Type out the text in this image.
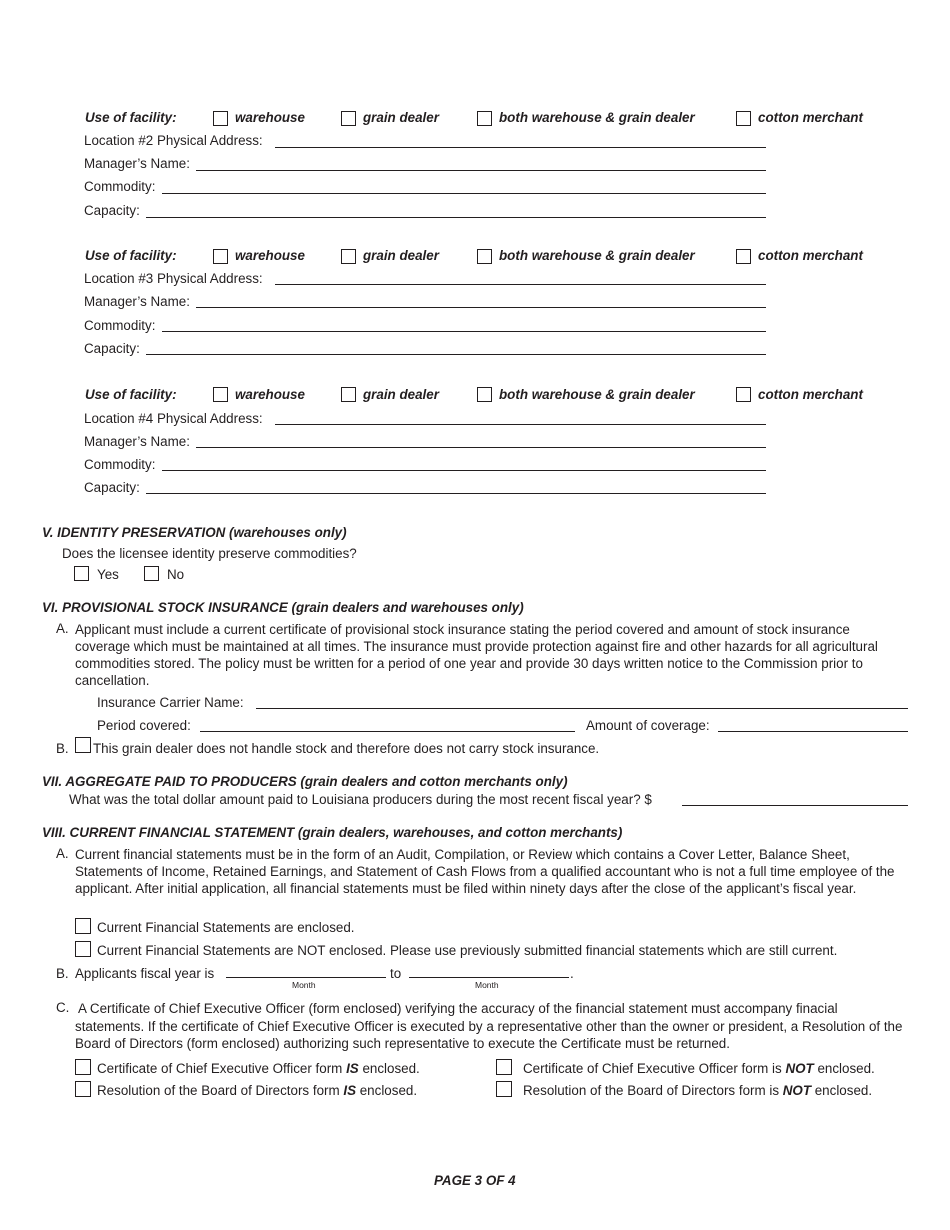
Use of facility:	warehouse	grain dealer	both warehouse & grain dealer	cotton merchant
Location #2 Physical Address:
Manager’s Name:
Commodity:
Capacity:
Use of facility:	warehouse	grain dealer	both warehouse & grain dealer	cotton merchant
Location #3 Physical Address:
Manager’s Name:
Commodity:
Capacity:
Use of facility:	warehouse	grain dealer	both warehouse & grain dealer	cotton merchant
Location #4 Physical Address:
Manager’s Name:
Commodity:
Capacity:
V. IDENTITY PRESERVATION (warehouses only)
Does the licensee identity preserve commodities?
Yes	No
VI. PROVISIONAL STOCK INSURANCE (grain dealers and warehouses only)
A. Applicant must include a current certificate of provisional stock insurance stating the period covered and amount of stock insurance coverage which must be maintained at all times. The insurance must provide protection against fire and other hazards for all agricultural commodities stored. The policy must be written for a period of one year and provide 30 days written notice to the Commission prior to cancellation.
Insurance Carrier Name:
Period covered:	Amount of coverage:
B. This grain dealer does not handle stock and therefore does not carry stock insurance.
VII. AGGREGATE PAID TO PRODUCERS (grain dealers and cotton merchants only)
What was the total dollar amount paid to Louisiana producers during the most recent fiscal year? $
VIII. CURRENT FINANCIAL STATEMENT (grain dealers, warehouses, and cotton merchants)
A. Current financial statements must be in the form of an Audit, Compilation, or Review which contains a Cover Letter, Balance Sheet, Statements of Income, Retained Earnings, and Statement of Cash Flows from a qualified accountant who is not a full time employee of the applicant. After initial application, all financial statements must be filed within ninety days after the close of the applicant’s fiscal year.
Current Financial Statements are enclosed.
Current Financial Statements are NOT enclosed. Please use previously submitted financial statements which are still current.
B. Applicants fiscal year is
Month
to
Month
.
C. A Certificate of Chief Executive Officer (form enclosed) verifying the accuracy of the financial statement must accompany finacial statements. If the certificate of Chief Executive Officer is executed by a representative other than the owner or president, a Resolution of the Board of Directors (form enclosed) authorizing such representative to execute the Certificate must be returned.
Certificate of Chief Executive Officer form IS enclosed.	Certificate of Chief Executive Officer form is NOT enclosed.
Resolution of the Board of Directors form IS enclosed.	Resolution of the Board of Directors form is NOT enclosed.
PAGE 3 OF 4
